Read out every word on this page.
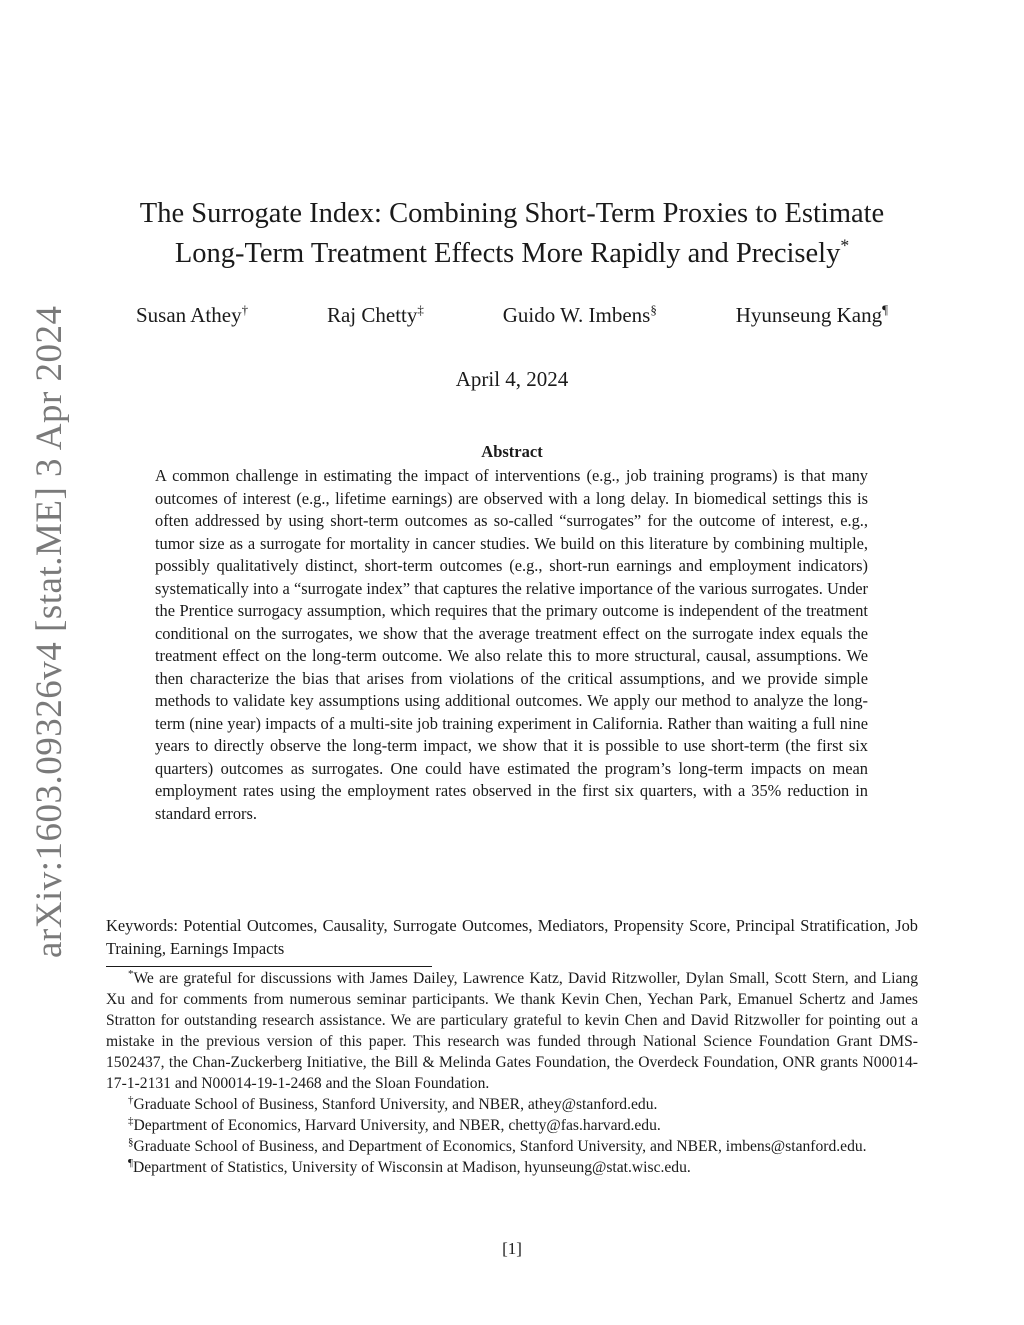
arXiv:1603.09326v4 [stat.ME] 3 Apr 2024
The Surrogate Index: Combining Short-Term Proxies to Estimate
Long-Term Treatment Effects More Rapidly and Precisely*
Susan Athey†	Raj Chetty‡	Guido W. Imbens§	Hyunseung Kang¶
April 4, 2024
Abstract
A common challenge in estimating the impact of interventions (e.g., job training programs) is that many outcomes of interest (e.g., lifetime earnings) are observed with a long delay. In biomedical settings this is often addressed by using short-term outcomes as so-called “surrogates” for the outcome of interest, e.g., tumor size as a surrogate for mortality in cancer studies. We build on this literature by combining multiple, possibly qualitatively distinct, short-term outcomes (e.g., short-run earnings and employment indicators) systematically into a “surrogate index” that captures the relative importance of the various surrogates. Under the Prentice surrogacy assumption, which requires that the primary outcome is independent of the treatment conditional on the surrogates, we show that the average treatment effect on the surrogate index equals the treatment effect on the long-term outcome. We also relate this to more structural, causal, assumptions. We then characterize the bias that arises from violations of the critical assumptions, and we provide simple methods to validate key assumptions using additional outcomes. We apply our method to analyze the long-term (nine year) impacts of a multi-site job training experiment in California. Rather than waiting a full nine years to directly observe the long-term impact, we show that it is possible to use short-term (the first six quarters) outcomes as surrogates. One could have estimated the program’s long-term impacts on mean employment rates using the employment rates observed in the first six quarters, with a 35% reduction in standard errors.
Keywords: Potential Outcomes, Causality, Surrogate Outcomes, Mediators, Propensity Score, Principal Stratification, Job Training, Earnings Impacts

*We are grateful for discussions with James Dailey, Lawrence Katz, David Ritzwoller, Dylan Small, Scott Stern, and Liang Xu and for comments from numerous seminar participants. We thank Kevin Chen, Yechan Park, Emanuel Schertz and James Stratton for outstanding research assistance. We are particulary grateful to kevin Chen and David Ritzwoller for pointing out a mistake in the previous version of this paper. This research was funded through National Science Foundation Grant DMS-1502437, the Chan-Zuckerberg Initiative, the Bill & Melinda Gates Foundation, the Overdeck Foundation, ONR grants N00014-17-1-2131 and N00014-19-1-2468 and the Sloan Foundation.

†Graduate School of Business, Stanford University, and NBER, athey@stanford.edu.

‡Department of Economics, Harvard University, and NBER, chetty@fas.harvard.edu.

§Graduate School of Business, and Department of Economics, Stanford University, and NBER, imbens@stanford.edu.

¶Department of Statistics, University of Wisconsin at Madison, hyunseung@stat.wisc.edu.

[1]
